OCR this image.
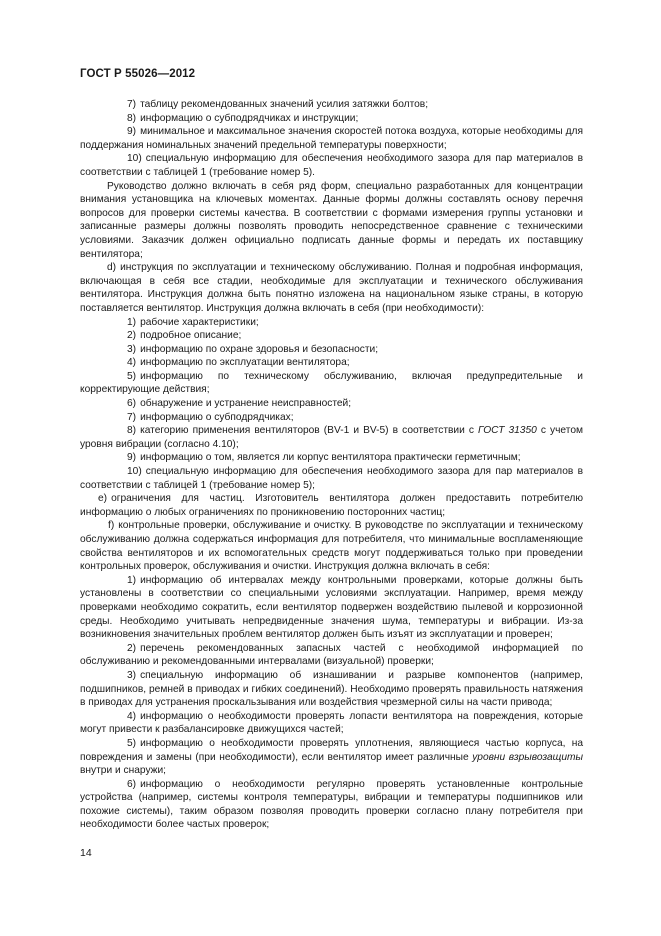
ГОСТ Р 55026—2012

7) таблицу рекомендованных значений усилия затяжки болтов;

8) информацию о субподрядчиках и инструкции;

9) минимальное и максимальное значения скоростей потока воздуха, которые необходимы для поддержания номинальных значений предельной температуры поверхности;

10) специальную информацию для обеспечения необходимого зазора для пар материалов в соответствии с таблицей 1 (требование номер 5).

Руководство должно включать в себя ряд форм, специально разработанных для концентрации внимания установщика на ключевых моментах. Данные формы должны составлять основу перечня вопросов для проверки системы качества. В соответствии с формами измерения группы установки и записанные размеры должны позволять проводить непосредственное сравнение с техническими условиями. Заказчик должен официально подписать данные формы и передать их поставщику вентилятора;

d) инструкция по эксплуатации и техническому обслуживанию. Полная и подробная информация, включающая в себя все стадии, необходимые для эксплуатации и технического обслуживания вентилятора. Инструкция должна быть понятно изложена на национальном языке страны, в которую поставляется вентилятор. Инструкция должна включать в себя (при необходимости):

1) рабочие характеристики;

2) подробное описание;

3) информацию по охране здоровья и безопасности;

4) информацию по эксплуатации вентилятора;

5) информацию по техническому обслуживанию, включая предупредительные и корректирующие действия;

6) обнаружение и устранение неисправностей;

7) информацию о субподрядчиках;

8) категорию применения вентиляторов (BV-1 и BV-5) в соответствии с ГОСТ 31350 с учетом уровня вибрации (согласно 4.10);

9) информацию о том, является ли корпус вентилятора практически герметичным;

10) специальную информацию для обеспечения необходимого зазора для пар материалов в соответствии с таблицей 1 (требование номер 5);

e) ограничения для частиц. Изготовитель вентилятора должен предоставить потребителю информацию о любых ограничениях по проникновению посторонних частиц;

f) контрольные проверки, обслуживание и очистку. В руководстве по эксплуатации и техническому обслуживанию должна содержаться информация для потребителя, что минимальные воспламеняющие свойства вентиляторов и их вспомогательных средств могут поддерживаться только при проведении контрольных проверок, обслуживания и очистки. Инструкция должна включать в себя:

1) информацию об интервалах между контрольными проверками, которые должны быть установлены в соответствии со специальными условиями эксплуатации. Например, время между проверками необходимо сократить, если вентилятор подвержен воздействию пылевой и коррозионной среды. Необходимо учитывать непредвиденные значения шума, температуры и вибрации. Из-за возникновения значительных проблем вентилятор должен быть изъят из эксплуатации и проверен;

2) перечень рекомендованных запасных частей с необходимой информацией по обслуживанию и рекомендованными интервалами (визуальной) проверки;

3) специальную информацию об изнашивании и разрыве компонентов (например, подшипников, ремней в приводах и гибких соединений). Необходимо проверять правильность натяжения в приводах для устранения проскальзывания или воздействия чрезмерной силы на части привода;

4) информацию о необходимости проверять лопасти вентилятора на повреждения, которые могут привести к разбалансировке движущихся частей;

5) информацию о необходимости проверять уплотнения, являющиеся частью корпуса, на повреждения и замены (при необходимости), если вентилятор имеет различные уровни взрывозащиты внутри и снаружи;

6) информацию о необходимости регулярно проверять установленные контрольные устройства (например, системы контроля температуры, вибрации и температуры подшипников или похожие системы), таким образом позволяя проводить проверки согласно плану потребителя при необходимости более частых проверок;

14
